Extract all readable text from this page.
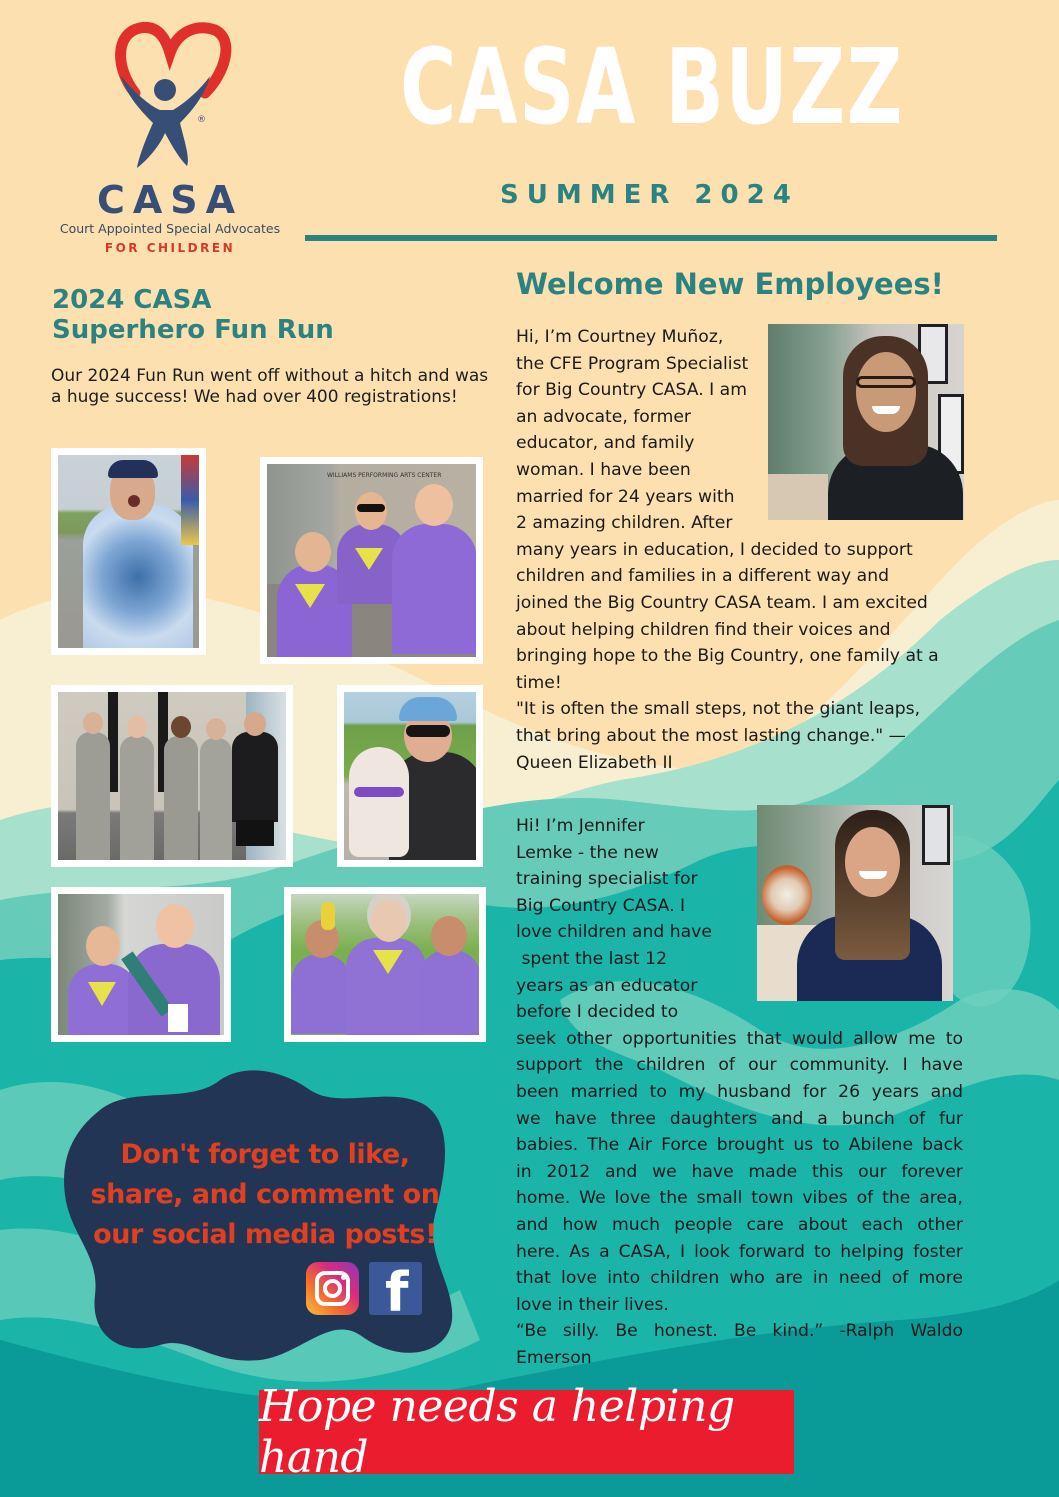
®
CASA
Court Appointed Special Advocates
FOR CHILDREN
CASA BUZZ
SUMMER 2024
2024 CASA
Superhero Fun Run
Our 2024 Fun Run went off without a hitch and was a huge success! We had over 400 registrations!
WILLIAMS PERFORMING ARTS CENTER
Welcome New Employees!
Hi, I’m Courtney Muñoz,
the CFE Program Specialist
for Big Country CASA. I am
an advocate, former
educator, and family
woman. I have been
married for 24 years with
2 amazing children. After
many years in education, I decided to support
children and families in a different way and
joined the Big Country CASA team. I am excited
about helping children find their voices and
bringing hope to the Big Country, one family at a
time!
"It is often the small steps, not the giant leaps,
that bring about the most lasting change." —
Queen Elizabeth II
Hi! I’m Jennifer
Lemke - the new
training specialist for
Big Country CASA. I
love children and have
spent the last 12
years as an educator
before I decided to
seek other opportunities that would allow me to
support the children of our community. I have
been married to my husband for 26 years and
we have three daughters and a bunch of fur
babies. The Air Force brought us to Abilene back
in 2012 and we have made this our forever
home. We love the small town vibes of the area,
and how much people care about each other
here. As a CASA, I look forward to helping foster
that love into children who are in need of more
love in their lives.
“Be silly. Be honest. Be kind.” -Ralph Waldo
Emerson
Don't forget to like,
share, and comment on
our social media posts!
f
Hope needs a helping hand
